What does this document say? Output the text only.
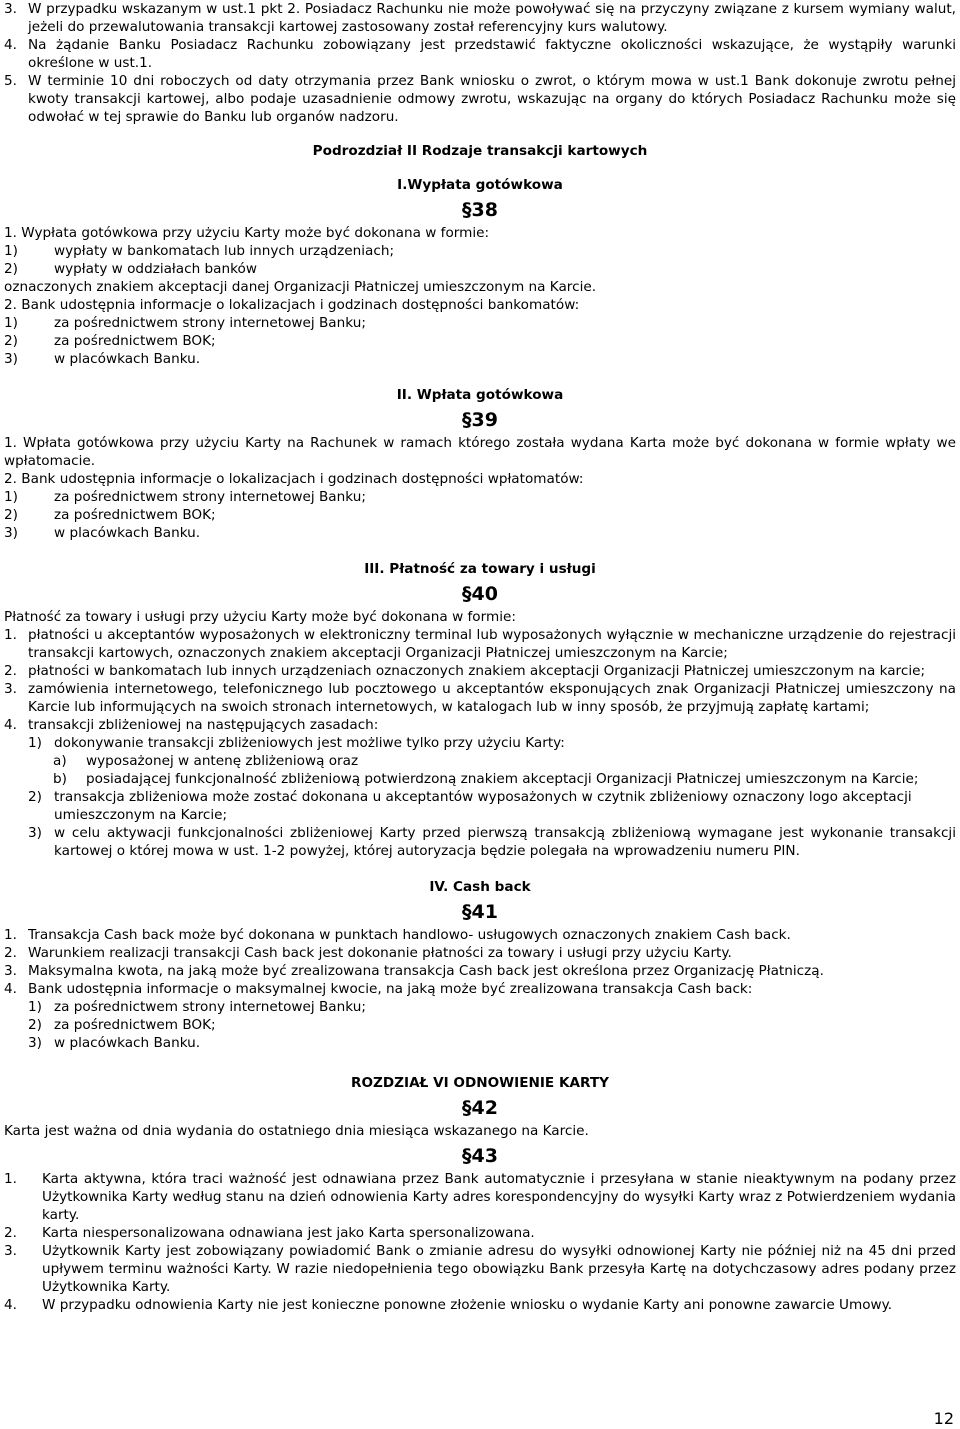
3. W przypadku wskazanym w ust.1 pkt 2. Posiadacz Rachunku nie może powoływać się na przyczyny związane z kursem wymiany walut, jeżeli do przewalutowania transakcji kartowej zastosowany został referencyjny kurs walutowy.
4. Na żądanie Banku Posiadacz Rachunku zobowiązany jest przedstawić faktyczne okoliczności wskazujące, że wystąpiły warunki określone w ust.1.
5. W terminie 10 dni roboczych od daty otrzymania przez Bank wniosku o zwrot, o którym mowa w ust.1 Bank dokonuje zwrotu pełnej kwoty transakcji kartowej, albo podaje uzasadnienie odmowy zwrotu, wskazując na organy do których Posiadacz Rachunku może się odwołać w tej sprawie do Banku lub organów nadzoru.
Podrozdział II Rodzaje transakcji kartowych
I.Wypłata gotówkowa
§38
1. Wypłata gotówkowa przy użyciu Karty może być dokonana w formie:
1)	wypłaty w bankomatach lub innych urządzeniach;
2)	wypłaty w oddziałach banków
oznaczonych znakiem akceptacji danej Organizacji Płatniczej umieszczonym na Karcie.
2. Bank udostępnia informacje o lokalizacjach i godzinach dostępności bankomatów:
1)	za pośrednictwem strony internetowej Banku;
2)	za pośrednictwem BOK;
3)	w placówkach Banku.
II. Wpłata gotówkowa
§39
1. Wpłata gotówkowa przy użyciu Karty na Rachunek w ramach którego została wydana Karta może być dokonana w formie wpłaty we wpłatomacie.
2. Bank udostępnia informacje o lokalizacjach i godzinach dostępności wpłatomatów:
1)	za pośrednictwem strony internetowej Banku;
2)	za pośrednictwem BOK;
3)	w placówkach Banku.
III. Płatność za towary i usługi
§40
Płatność za towary i usługi przy użyciu Karty może być dokonana w formie:
1. płatności u akceptantów wyposażonych w elektroniczny terminal lub wyposażonych wyłącznie w mechaniczne urządzenie do rejestracji transakcji kartowych, oznaczonych znakiem akceptacji Organizacji Płatniczej umieszczonym na Karcie;
2. płatności w bankomatach lub innych urządzeniach oznaczonych znakiem akceptacji Organizacji Płatniczej umieszczonym na karcie;
3. zamówienia internetowego, telefonicznego lub pocztowego u akceptantów eksponujących znak Organizacji Płatniczej umieszczony na Karcie lub informujących na swoich stronach internetowych, w katalogach lub w inny sposób, że przyjmują zapłatę kartami;
4. transakcji zbliżeniowej na następujących zasadach:
1) dokonywanie transakcji zbliżeniowych jest możliwe tylko przy użyciu Karty:
a) wyposażonej w antenę zbliżeniową oraz
b) posiadającej funkcjonalność zbliżeniową potwierdzoną znakiem akceptacji Organizacji Płatniczej umieszczonym na Karcie;
2) transakcja zbliżeniowa może zostać dokonana u akceptantów wyposażonych w czytnik zbliżeniowy oznaczony logo akceptacji umieszczonym na Karcie;
3) w celu aktywacji funkcjonalności zbliżeniowej Karty przed pierwszą transakcją zbliżeniową wymagane jest wykonanie transakcji kartowej o której mowa w ust. 1-2 powyżej, której autoryzacja będzie polegała na wprowadzeniu numeru PIN.
IV. Cash back
§41
1. Transakcja Cash back może być dokonana w punktach handlowo- usługowych oznaczonych znakiem Cash back.
2. Warunkiem realizacji transakcji Cash back jest dokonanie płatności za towary i usługi przy użyciu Karty.
3. Maksymalna kwota, na jaką może być zrealizowana transakcja Cash back jest określona przez Organizację Płatniczą.
4. Bank udostępnia informacje o maksymalnej kwocie, na jaką może być zrealizowana transakcja Cash back:
1) za pośrednictwem strony internetowej Banku;
2) za pośrednictwem BOK;
3) w placówkach Banku.
ROZDZIAŁ VI ODNOWIENIE KARTY
§42
Karta jest ważna od dnia wydania do ostatniego dnia miesiąca wskazanego na Karcie.
§43
1. Karta aktywna, która traci ważność jest odnawiana przez Bank automatycznie i przesyłana w stanie nieaktywnym na podany przez Użytkownika Karty według stanu na dzień odnowienia Karty adres korespondencyjny do wysyłki Karty wraz z Potwierdzeniem wydania karty.
2. Karta niespersonalizowana odnawiana jest jako Karta spersonalizowana.
3. Użytkownik Karty jest zobowiązany powiadomić Bank o zmianie adresu do wysyłki odnowionej Karty nie później niż na 45 dni przed upływem terminu ważności Karty. W razie niedopełnienia tego obowiązku Bank przesyła Kartę na dotychczasowy adres podany przez Użytkownika Karty.
4. W przypadku odnowienia Karty nie jest konieczne ponowne złożenie wniosku o wydanie Karty ani ponowne zawarcie Umowy.
12
